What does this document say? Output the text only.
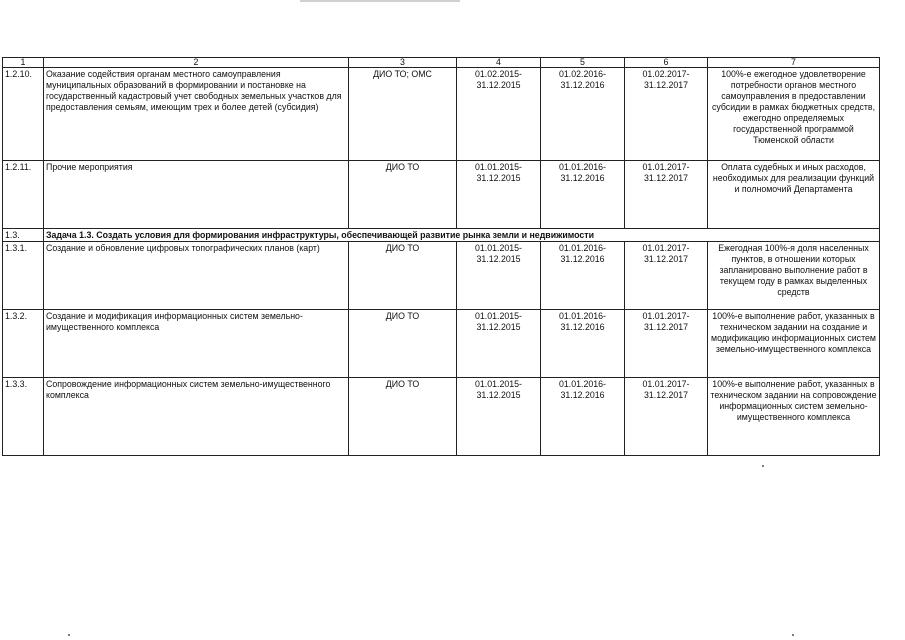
1	2	3	4	5	6	7
1.2.10.	Оказание содействия органам местного самоуправления муниципальных образований в формировании и постановке на государственный кадастровый учет свободных земельных участков для предоставления семьям, имеющим трех и более детей (субсидия)	ДИО ТО; ОМС	01.02.2015-31.12.2015	01.02.2016-31.12.2016	01.02.2017-31.12.2017	100%-е ежегодное удовлетворение потребности органов местного самоуправления в предоставлении субсидии в рамках бюджетных средств, ежегодно определяемых государственной программой Тюменской области
1.2.11.	Прочие мероприятия	ДИО ТО	01.01.2015-31.12.2015	01.01.2016-31.12.2016	01.01.2017-31.12.2017	Оплата судебных и иных расходов, необходимых для реализации функций и полномочий Департамента
1.3.	Задача 1.3. Создать условия для формирования инфраструктуры, обеспечивающей развитие рынка земли и недвижимости					
1.3.1.	Создание и обновление цифровых топографических планов (карт)	ДИО ТО	01.01.2015-31.12.2015	01.01.2016-31.12.2016	01.01.2017-31.12.2017	Ежегодная 100%-я доля населенных пунктов, в отношении которых запланировано выполнение работ в текущем году в рамках выделенных средств
1.3.2.	Создание и модификация информационных систем земельно-имущественного комплекса	ДИО ТО	01.01.2015-31.12.2015	01.01.2016-31.12.2016	01.01.2017-31.12.2017	100%-е выполнение работ, указанных в техническом задании на создание и модификацию информационных систем земельно-имущественного комплекса
1.3.3.	Сопровождение информационных систем земельно-имущественного комплекса	ДИО ТО	01.01.2015-31.12.2015	01.01.2016-31.12.2016	01.01.2017-31.12.2017	100%-е выполнение работ, указанных в техническом задании на сопровождение информационных систем земельно-имущественного комплекса
